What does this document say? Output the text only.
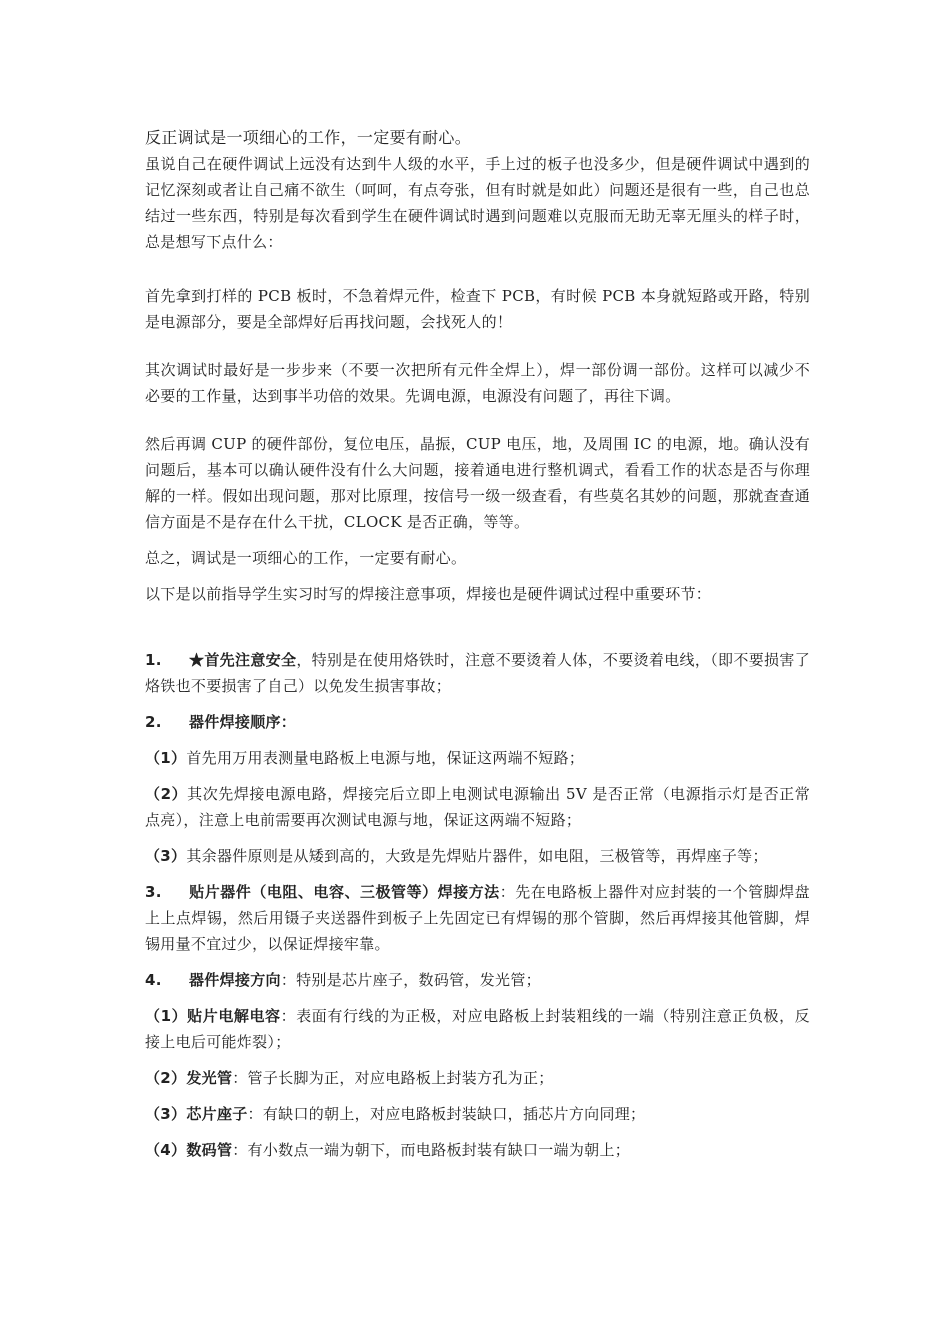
反正调试是一项细心的工作，一定要有耐心。

虽说自己在硬件调试上远没有达到牛人级的水平，手上过的板子也没多少，但是硬件调试中遇到的记忆深刻或者让自己痛不欲生（呵呵，有点夸张，但有时就是如此）问题还是很有一些，自己也总结过一些东西，特别是每次看到学生在硬件调试时遇到问题难以克服而无助无辜无厘头的样子时，总是想写下点什么：

首先拿到打样的 PCB 板时，不急着焊元件，检查下 PCB，有时候 PCB 本身就短路或开路，特别是电源部分，要是全部焊好后再找问题，会找死人的！

其次调试时最好是一步步来（不要一次把所有元件全焊上），焊一部份调一部份。这样可以减少不必要的工作量，达到事半功倍的效果。先调电源，电源没有问题了，再往下调。

然后再调 CUP 的硬件部份，复位电压，晶振，CUP 电压，地，及周围 IC 的电源，地。确认没有问题后，基本可以确认硬件没有什么大问题，接着通电进行整机调式，看看工作的状态是否与你理解的一样。假如出现问题，那对比原理，按信号一级一级查看，有些莫名其妙的问题，那就查查通信方面是不是存在什么干扰，CLOCK 是否正确，等等。

总之，调试是一项细心的工作，一定要有耐心。

以下是以前指导学生实习时写的焊接注意事项，焊接也是硬件调试过程中重要环节：

1. ★首先注意安全，特别是在使用烙铁时，注意不要烫着人体，不要烫着电线，（即不要损害了烙铁也不要损害了自己）以免发生损害事故；

2. 器件焊接顺序：

（1）首先用万用表测量电路板上电源与地，保证这两端不短路；

（2）其次先焊接电源电路，焊接完后立即上电测试电源输出 5V 是否正常（电源指示灯是否正常点亮），注意上电前需要再次测试电源与地，保证这两端不短路；

（3）其余器件原则是从矮到高的，大致是先焊贴片器件，如电阻，三极管等，再焊座子等；

3. 贴片器件（电阻、电容、三极管等）焊接方法：先在电路板上器件对应封装的一个管脚焊盘上上点焊锡，然后用镊子夹送器件到板子上先固定已有焊锡的那个管脚，然后再焊接其他管脚，焊锡用量不宜过少，以保证焊接牢靠。

4. 器件焊接方向：特别是芯片座子，数码管，发光管；

（1）贴片电解电容：表面有行线的为正极，对应电路板上封装粗线的一端（特别注意正负极，反接上电后可能炸裂）；

（2）发光管：管子长脚为正，对应电路板上封装方孔为正；

（3）芯片座子：有缺口的朝上，对应电路板封装缺口，插芯片方向同理；

（4）数码管：有小数点一端为朝下，而电路板封装有缺口一端为朝上；
